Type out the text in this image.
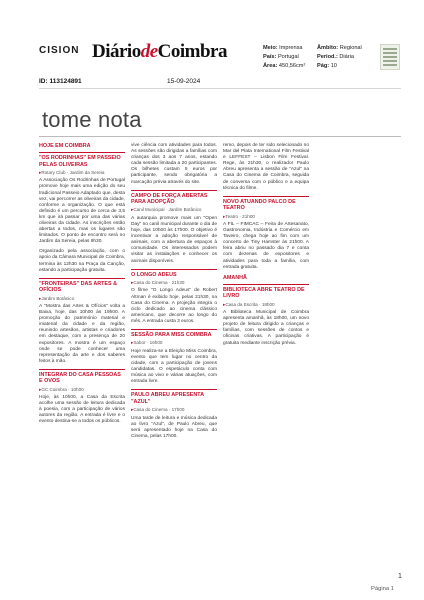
CISION DiáriodeCoimbra	Meio: Imprensa
País: Portugal
Área: 450,56cm²
Âmbito: Regional
Period.: Diária
Pág: 10
ID: 113124891	15-09-2024
tome nota
HOJE EM COIMBRA
"OS RODRINHAS" EM PASSEIO PELAS OLIVEIRAS
▸ Rotary Club · Jardim da Sereia
A Associação Os Rodrinhas de Portugal promove hoje mais uma edição do seu tradicional Passeio Adaptado que, desta vez, vai percorrer as oliveiras da cidade, conforme a organização. O que está definido é um percurso de cerca de 3,5 km que irá passar por uma das várias oliveiras da cidade. As inscrições estão abertas a todos, mas os lugares são limitados. O ponto de encontro será no Jardim da Sereia, pelas 9h30.
Organizado pela associação, com o apoio da Câmara Municipal de Coimbra, termina às 12h30 na Praça da Canção, estando a participação gratuita.
"FRONTEIRAS" DAS ARTES & OFÍCIOS
▸ Jardim Botânico
A "Mostra das Artes & Ofícios" volta a Baixa, hoje, das 10h00 às 19h00. A promoção do património material e imaterial da cidade e da região, reunindo artesãos, artistas e criadores em destaque, com a presença de 20 expositores. A mostra é um espaço onde se pode conhecer uma representação da arte e dos saberes feitos à mão.
INTEGRAR DO CASA PESSOAS E OVOS
▸ GC Coimbra · 10h00
Hoje, às 10h00, a Casa da Escrita acolhe uma sessão de leitura dedicada à poesia, com a participação de vários autores da região. A entrada é livre e o evento destina-se a todos os públicos.
vive ciência com atividades para todos. As sessões são dirigidas a famílias com crianças dos 3 aos 7 anos, estando cada sessão limitada a 20 participantes. Os bilhetes custam 5 euros por participante, sendo obrigatória a marcação prévia através do site.
CAMPO DE FORÇA ABERTAS PARA ADOPÇÃO
▸ Canil Municipal · Jardim Botânico
A autarquia promove mais um "Open Day" no canil municipal durante o dia de hoje, das 10h00 às 17h00. O objetivo é incentivar a adoção responsável de animais, com a abertura de espaços à comunidade. Os interessados podem visitar as instalações e conhecer os animais disponíveis.
O LONGO ADEUS
▸ Casa do Cinema · 21h30
O filme "O Longo Adeus" de Robert Altman é exibido hoje, pelas 21h30, na Casa do Cinema. A projeção integra o ciclo dedicado ao cinema clássico americano, que decorre ao longo do mês. A entrada custa 3 euros.
SESSÃO PARA MISS COIMBRA
▸ Sabor · 16h00
Hoje realiza-se a Eleição Miss Coimbra, evento que tem lugar no centro da cidade, com a participação de jovens candidatas. O espetáculo conta com música ao vivo e várias atuações, com entrada livre.
PAULO ABREU APRESENTA "AZUL"
▸ Casa do Cinema · 17h00
Uma tarde de leitura e música dedicada ao livro "Azul", de Paulo Abreu, que será apresentado hoje na Casa do Cinema, pelas 17h00.
remo, depois de ter sido selecionado no Mar del Plata International Film Festival e LEFFEST – Lisbon Film Festival. Rege, às 21h30, o realizador Paulo Abreu apresenta a sessão de "Azul" na Casa do Cinema de Coimbra, seguida de conversa com o público e a equipa técnica do filme.
NOVO ATUANDO PALCO DE TEATRO
▸ Teatro · 21h00
A FIL – FIMCAC – Feira de Artesanato, Gastronomia, Indústria e Comércio em Taveiro, chega hoje ao fim com um concerto de Tiny Hamster às 21h00. A feira abriu no passado dia 7 e conta com dezenas de expositores e atividades para toda a família, com entrada gratuita.
AMANHÃ
BIBLIOTECA ABRE TEATRO DE LIVRO
▸ Casa da Escrita · 18h00
A Biblioteca Municipal de Coimbra apresenta amanhã, às 18h00, um novo projeto de leitura dirigido a crianças e famílias, com sessões de contos e oficinas criativas. A participação é gratuita mediante inscrição prévia.
1
Página 1
